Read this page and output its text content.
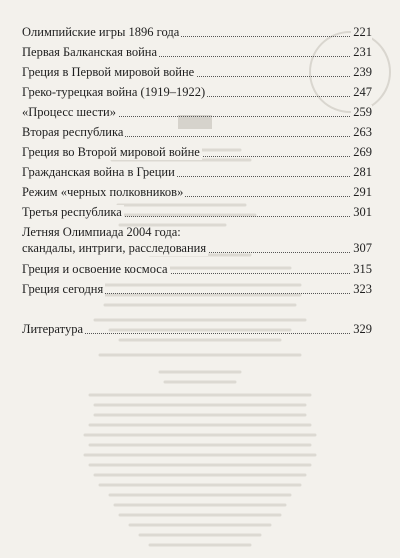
Олимпийские игры 1896 года	221
Первая Балканская война	231
Греция в Первой мировой войне	239
Греко-турецкая война (1919–1922)	247
«Процесс шести»	259
Вторая республика	263
Греция во Второй мировой войне	269
Гражданская война в Греции	281
Режим «черных полковников»	291
Третья республика	301
Летняя Олимпиада 2004 года:
скандалы, интриги, расследования	307
Греция и освоение космоса	315
Греция сегодня	323
Литература	329
